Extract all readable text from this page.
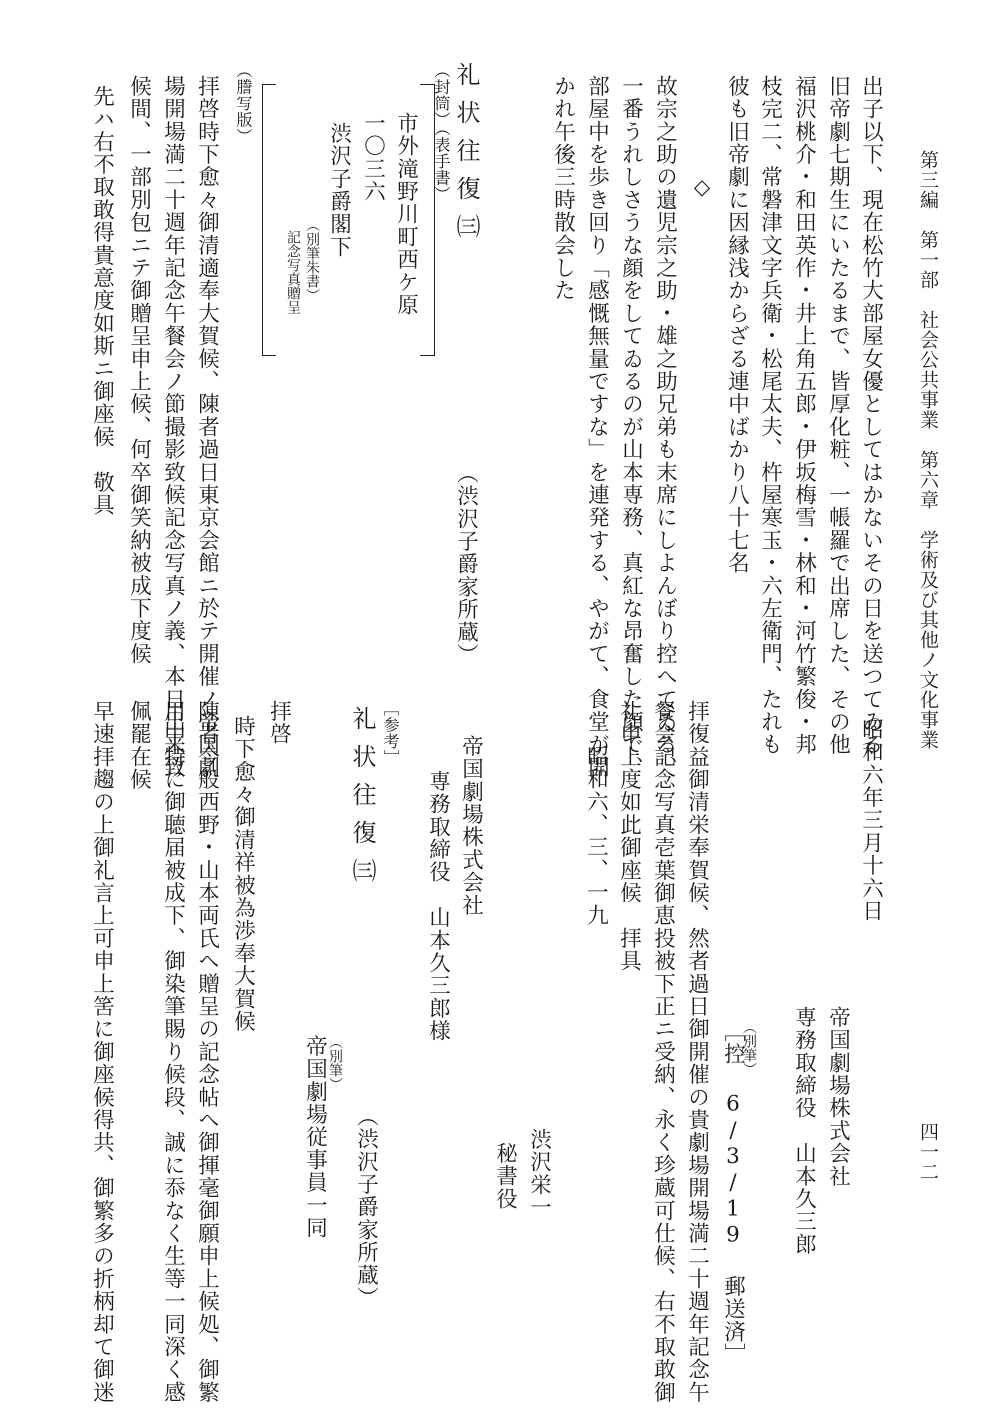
第三編　第一部　社会公共事業　第六章　学術及び其他ノ文化事業
四一二
出子以下、現在松竹大部屋女優としてはかないその日を送つてゐる
旧帝劇七期生にいたるまで、皆厚化粧、一帳羅で出席した、その他
福沢桃介・和田英作・井上角五郎・伊坂梅雪・林和・河竹繁俊・邦
枝完二、常磐津文字兵衛・松尾太夫、杵屋寒玉・六左衛門、たれも
彼も旧帝劇に因縁浅からざる連中ばかり八十七名
◇
故宗之助の遺児宗之助・雄之助兄弟も末席にしよんぼり控へてゐる、
一番うれしさうな顔をしてゐるのが山本専務、真紅な昂奮した顔で、
部屋中を歩き回り「感慨無量ですな」を連発する、やがて、食堂が開
かれ午後三時散会した
（渋沢子爵家所蔵）
礼状往復㈢
（封筒）（表手書）
市外滝野川町西ケ原
一〇三六
渋沢子爵閣下
（別筆朱書）
記念写真贈呈
（謄写版）
拝啓時下愈々御清適奉大賀候、陳者過日東京会館ニ於テ開催ノ帝国劇
場開場満二十週年記念午餐会ノ節撮影致候記念写真ノ義、本日出来致
候間、一部別包ニテ御贈呈申上候、何卒御笑納被成下度候
先ハ右不取敢得貴意度如斯ニ御座候　敬具
昭和六年三月十六日
帝国劇場株式会社
専務取締役　山本久三郎
（別筆）
［控 6/3/19 郵送済］
拝復益御清栄奉賀候、然者過日御開催の貴劇場開場満二十週年記念午
餐会記念写真壱葉御恵投被下正ニ受納、永く珍蔵可仕候、右不取敢御
礼申上度如此御座候　拝具
渋沢栄一
秘書役
昭和六、三、一九
帝国劇場株式会社
専務取締役　山本久三郎様
（渋沢子爵家所蔵）
［参考］
礼状往復㈢
（別筆）
帝国劇場従事員一同
拝啓
時下愈々御清祥被為渉奉大賀候
陳者今般西野・山本両氏へ贈呈の記念帖へ御揮毫御願申上候処、御繁
用中特に御聴届被成下、御染筆賜り候段、誠に忝なく生等一同深く感
佩罷在候
早速拝趨の上御礼言上可申上筈に御座候得共、御繁多の折柄却て御迷
